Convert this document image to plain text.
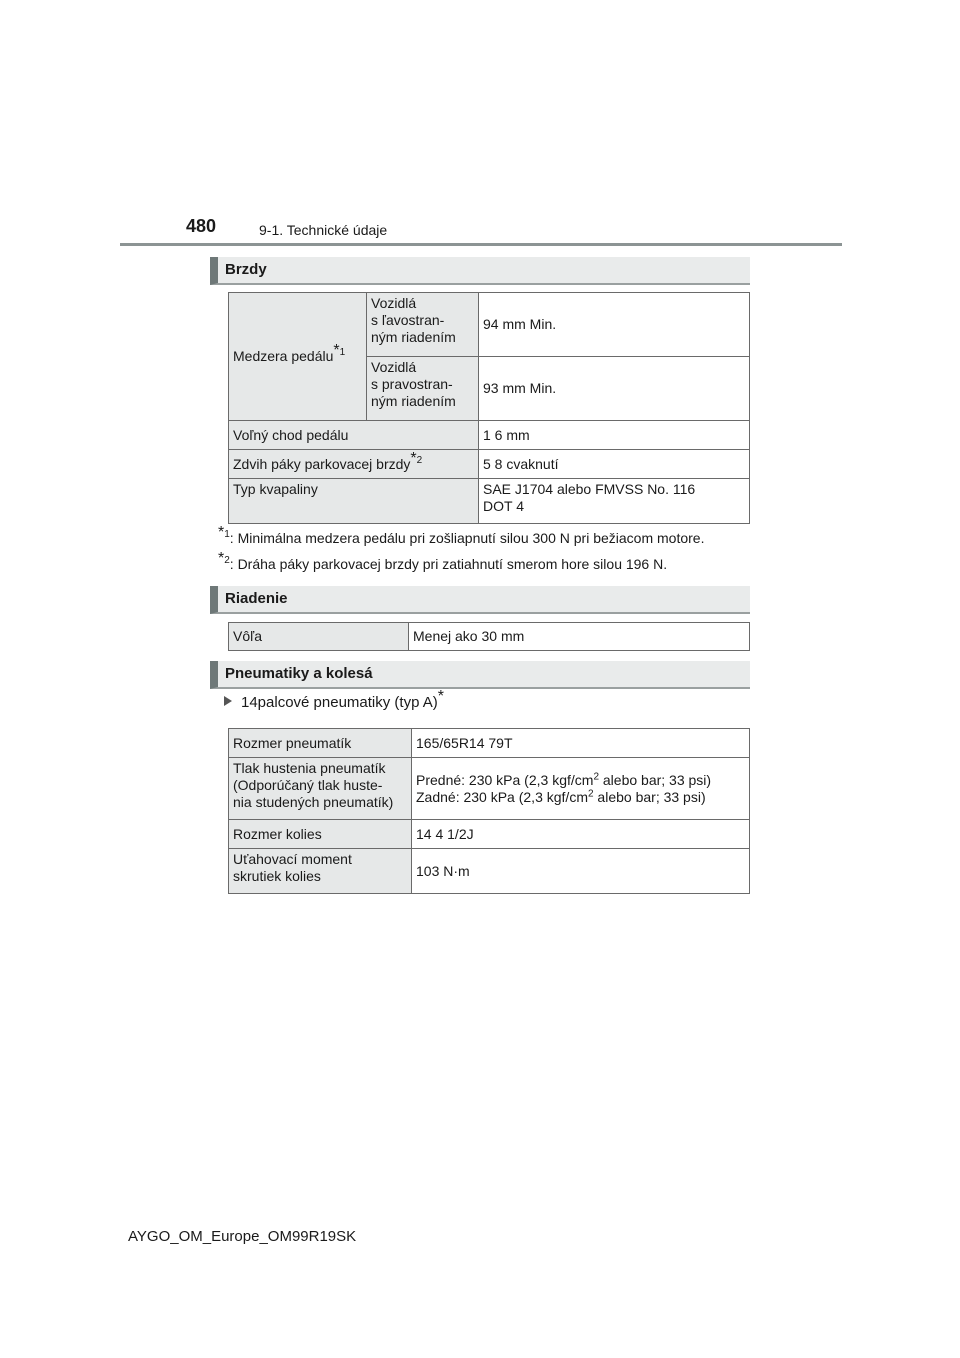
480	9-1. Technické údaje
Brzdy
Medzera pedálu$^{*1}$	Vozidlá
s ľavostran-
ným riadením	94 mm Min.
	Vozidlá
s pravostran-
ným riadením	93 mm Min.
Voľný chod pedálu		1 6 mm
Zdvih páky parkovacej brzdy$^{*2}$		5 8 cvaknutí
Typ kvapaliny		SAE J1704 alebo FMVSS No. 116
DOT 4
$^{*1}$: Minimálna medzera pedálu pri zošliapnutí silou 300 N pri bežiacom motore.
$^{*2}$: Dráha páky parkovacej brzdy pri zatiahnutí smerom hore silou 196 N.
Riadenie
Vôľa	Menej ako 30 mm
Pneumatiky a kolesá
14palcové pneumatiky (typ A)*
Rozmer pneumatík	165/65R14 79T
Tlak hustenia pneumatík
(Odporúčaný tlak huste-
nia studených pneumatík)	Predné: 230 kPa (2,3 kgf/$cm^2$ alebo bar; 33 psi)
Zadné: 230 kPa (2,3 kgf/$cm^2$ alebo bar; 33 psi)
Rozmer kolies	14 4 1/2J
Uťahovací moment
skrutiek kolies	103 N·m
AYGO_OM_Europe_OM99R19SK
